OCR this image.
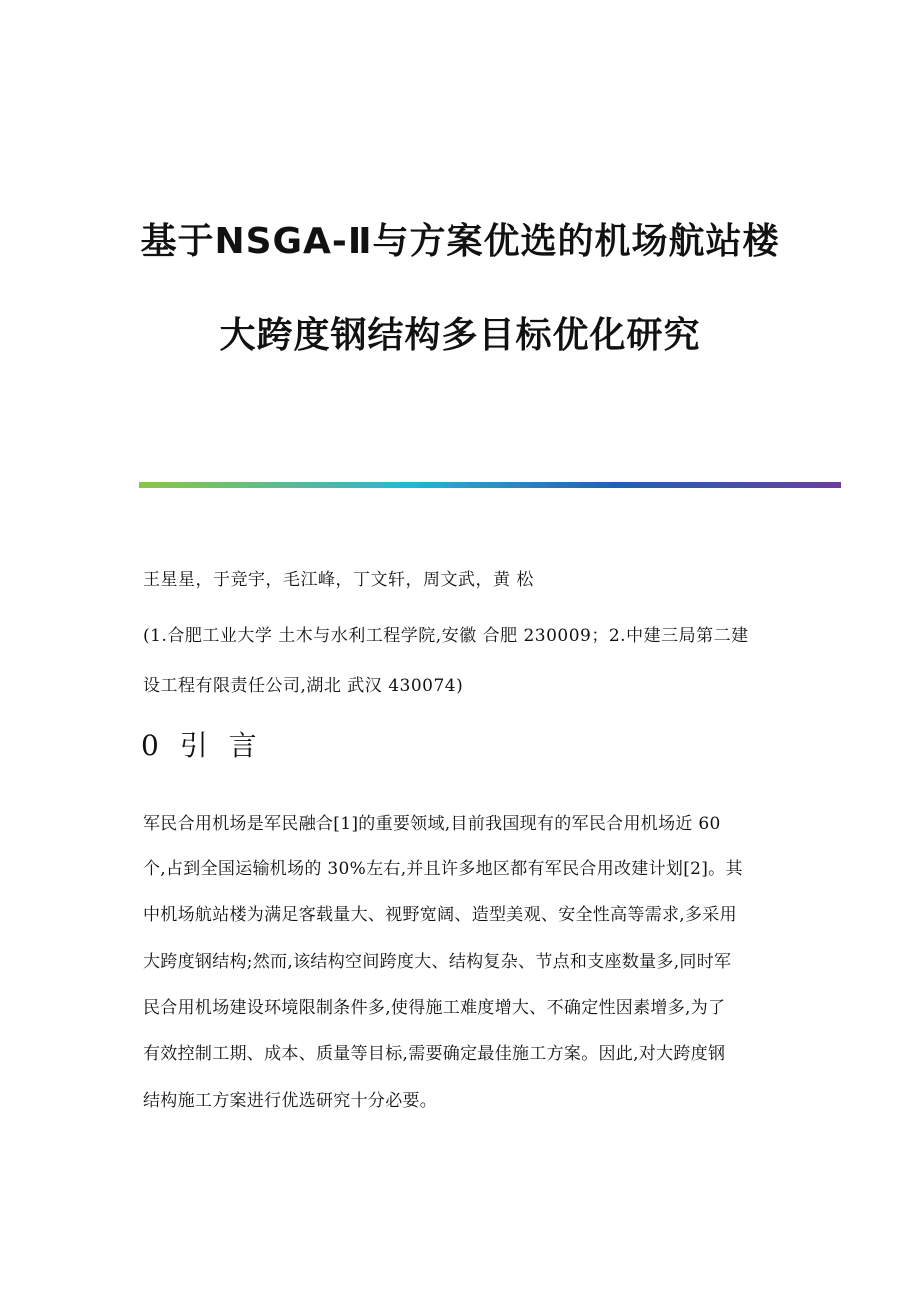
基于NSGA-Ⅱ与方案优选的机场航站楼
大跨度钢结构多目标优化研究
王星星，于竞宇，毛江峰，丁文轩，周文武，黄 松
(1.合肥工业大学 土木与水利工程学院,安徽 合肥 230009；2.中建三局第二建
设工程有限责任公司,湖北 武汉 430074)
0 引 言
军民合用机场是军民融合[1]的重要领域,目前我国现有的军民合用机场近 60
个,占到全国运输机场的 30%左右,并且许多地区都有军民合用改建计划[2]。其
中机场航站楼为满足客载量大、视野宽阔、造型美观、安全性高等需求,多采用
大跨度钢结构;然而,该结构空间跨度大、结构复杂、节点和支座数量多,同时军
民合用机场建设环境限制条件多,使得施工难度增大、不确定性因素增多,为了
有效控制工期、成本、质量等目标,需要确定最佳施工方案。因此,对大跨度钢
结构施工方案进行优选研究十分必要。
